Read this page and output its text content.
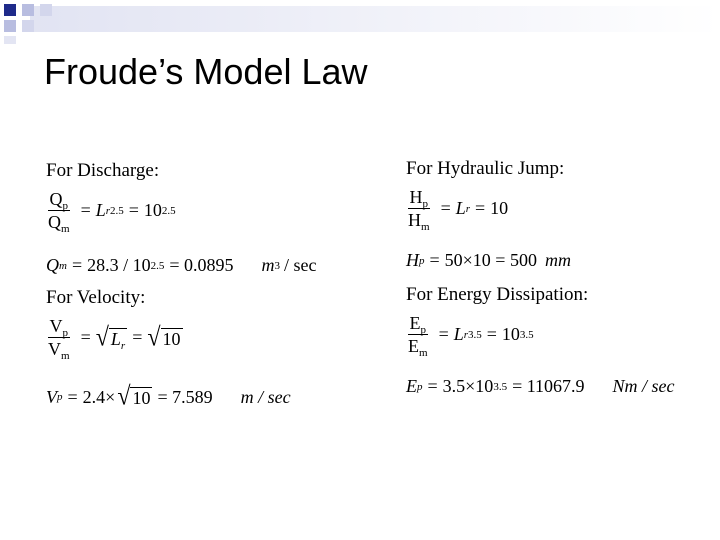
Froude’s Model Law
For Discharge:
$\frac{Q_p}{Q_m} = L$ r 2.5 = 10 2.5
Q m = 28.3 / 10 2.5 = 0.0895 m 3 / sec
For Velocity:
$\frac{V_p}{V_m}$ = √ $L_r$ = √ 10
V p = 2.4× √ 10 = 7.589 m / sec
For Hydraulic Jump:
$\frac{H_p}{H_m} = L$ r = 10
H p = 50×10 = 500 mm
For Energy Dissipation:
$\frac{E_p}{E_m} = L$ r 3.5 = 10 3.5
E p = 3.5×10 3.5 = 11067.9 Nm / sec
